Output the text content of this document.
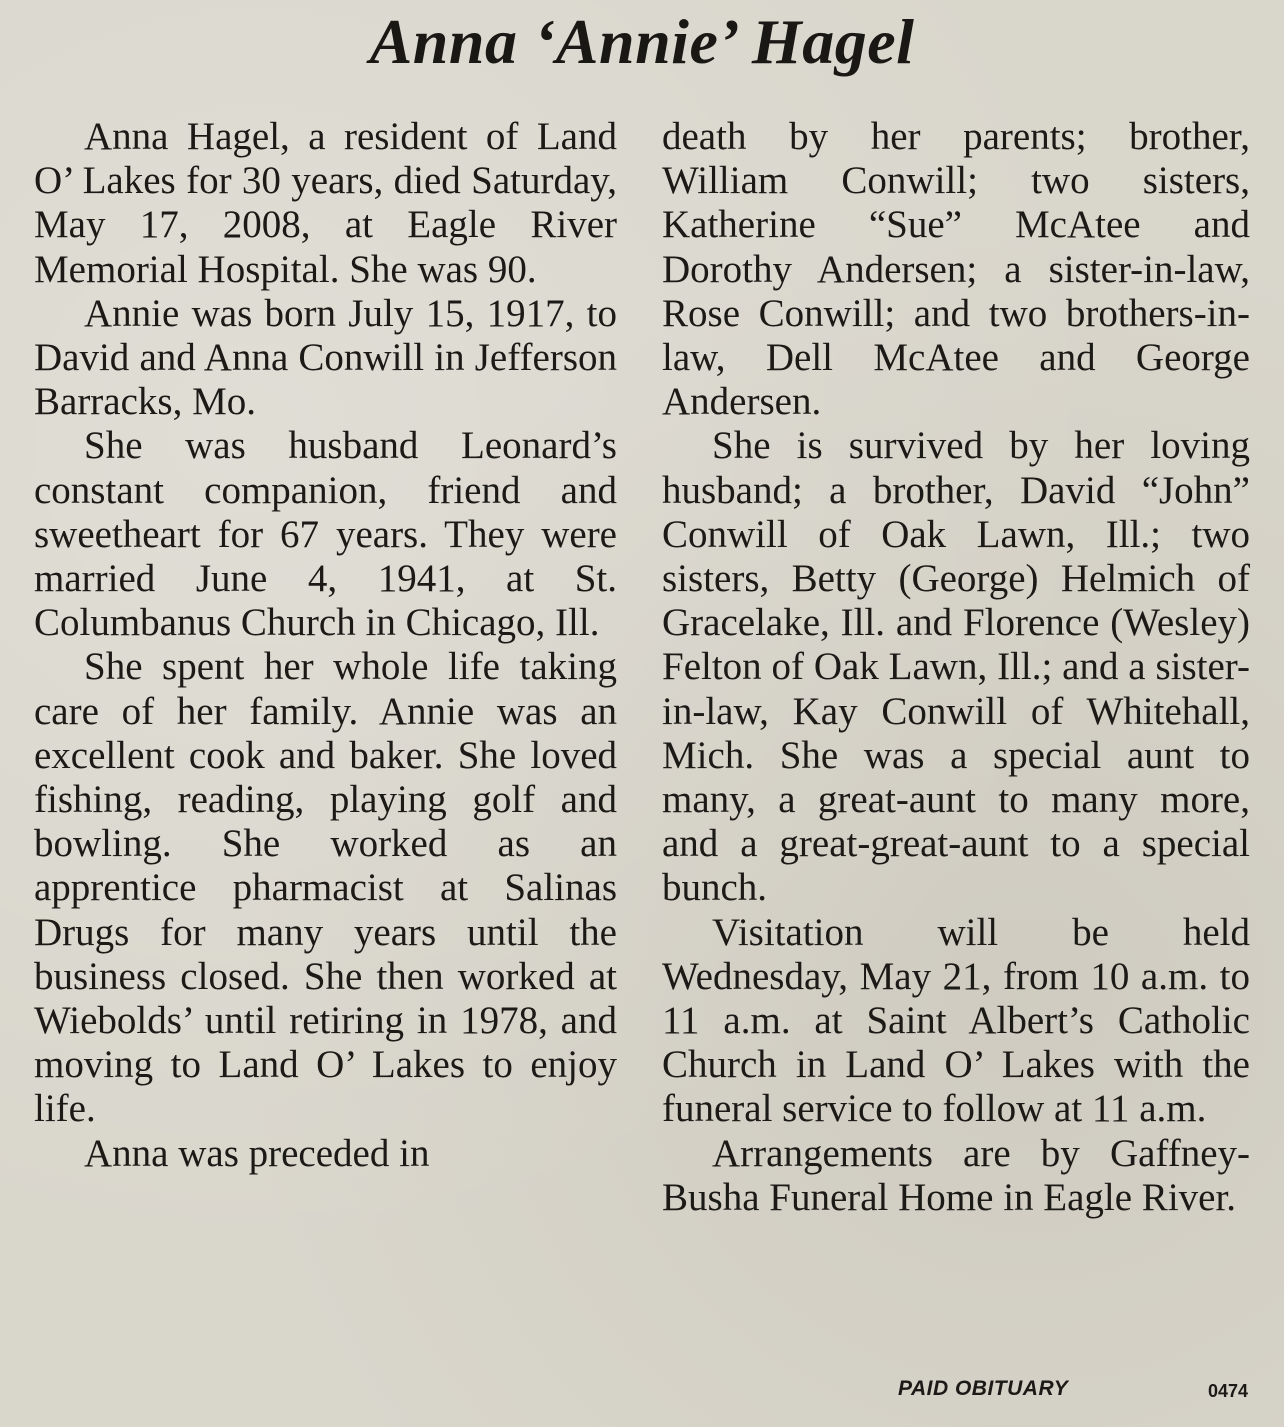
Anna ‘Annie’ Hagel

Anna Hagel, a resident of Land O’ Lakes for 30 years, died Saturday, May 17, 2008, at Eagle River Memorial Hospital. She was 90.

Annie was born July 15, 1917, to David and Anna Conwill in Jefferson Barracks, Mo.

She was husband Leonard’s constant companion, friend and sweetheart for 67 years. They were married June 4, 1941, at St. Columbanus Church in Chicago, Ill.

She spent her whole life taking care of her family. Annie was an excellent cook and baker. She loved fishing, reading, playing golf and bowling. She worked as an apprentice pharmacist at Salinas Drugs for many years until the business closed. She then worked at Wiebolds’ until retiring in 1978, and moving to Land O’ Lakes to enjoy life.

Anna was preceded in

death by her parents; brother, William Conwill; two sisters, Katherine “Sue” McAtee and Dorothy Andersen; a sister-in-law, Rose Conwill; and two brothers-in-law, Dell McAtee and George Andersen.

She is survived by her loving husband; a brother, David “John” Conwill of Oak Lawn, Ill.; two sisters, Betty (George) Helmich of Gracelake, Ill. and Florence (Wesley) Felton of Oak Lawn, Ill.; and a sister-in-law, Kay Conwill of Whitehall, Mich. She was a special aunt to many, a great-aunt to many more, and a great-great-aunt to a special bunch.

Visitation will be held Wednesday, May 21, from 10 a.m. to 11 a.m. at Saint Albert’s Catholic Church in Land O’ Lakes with the funeral service to follow at 11 a.m.

Arrangements are by Gaffney-Busha Funeral Home in Eagle River.

PAID OBITUARY	0474
